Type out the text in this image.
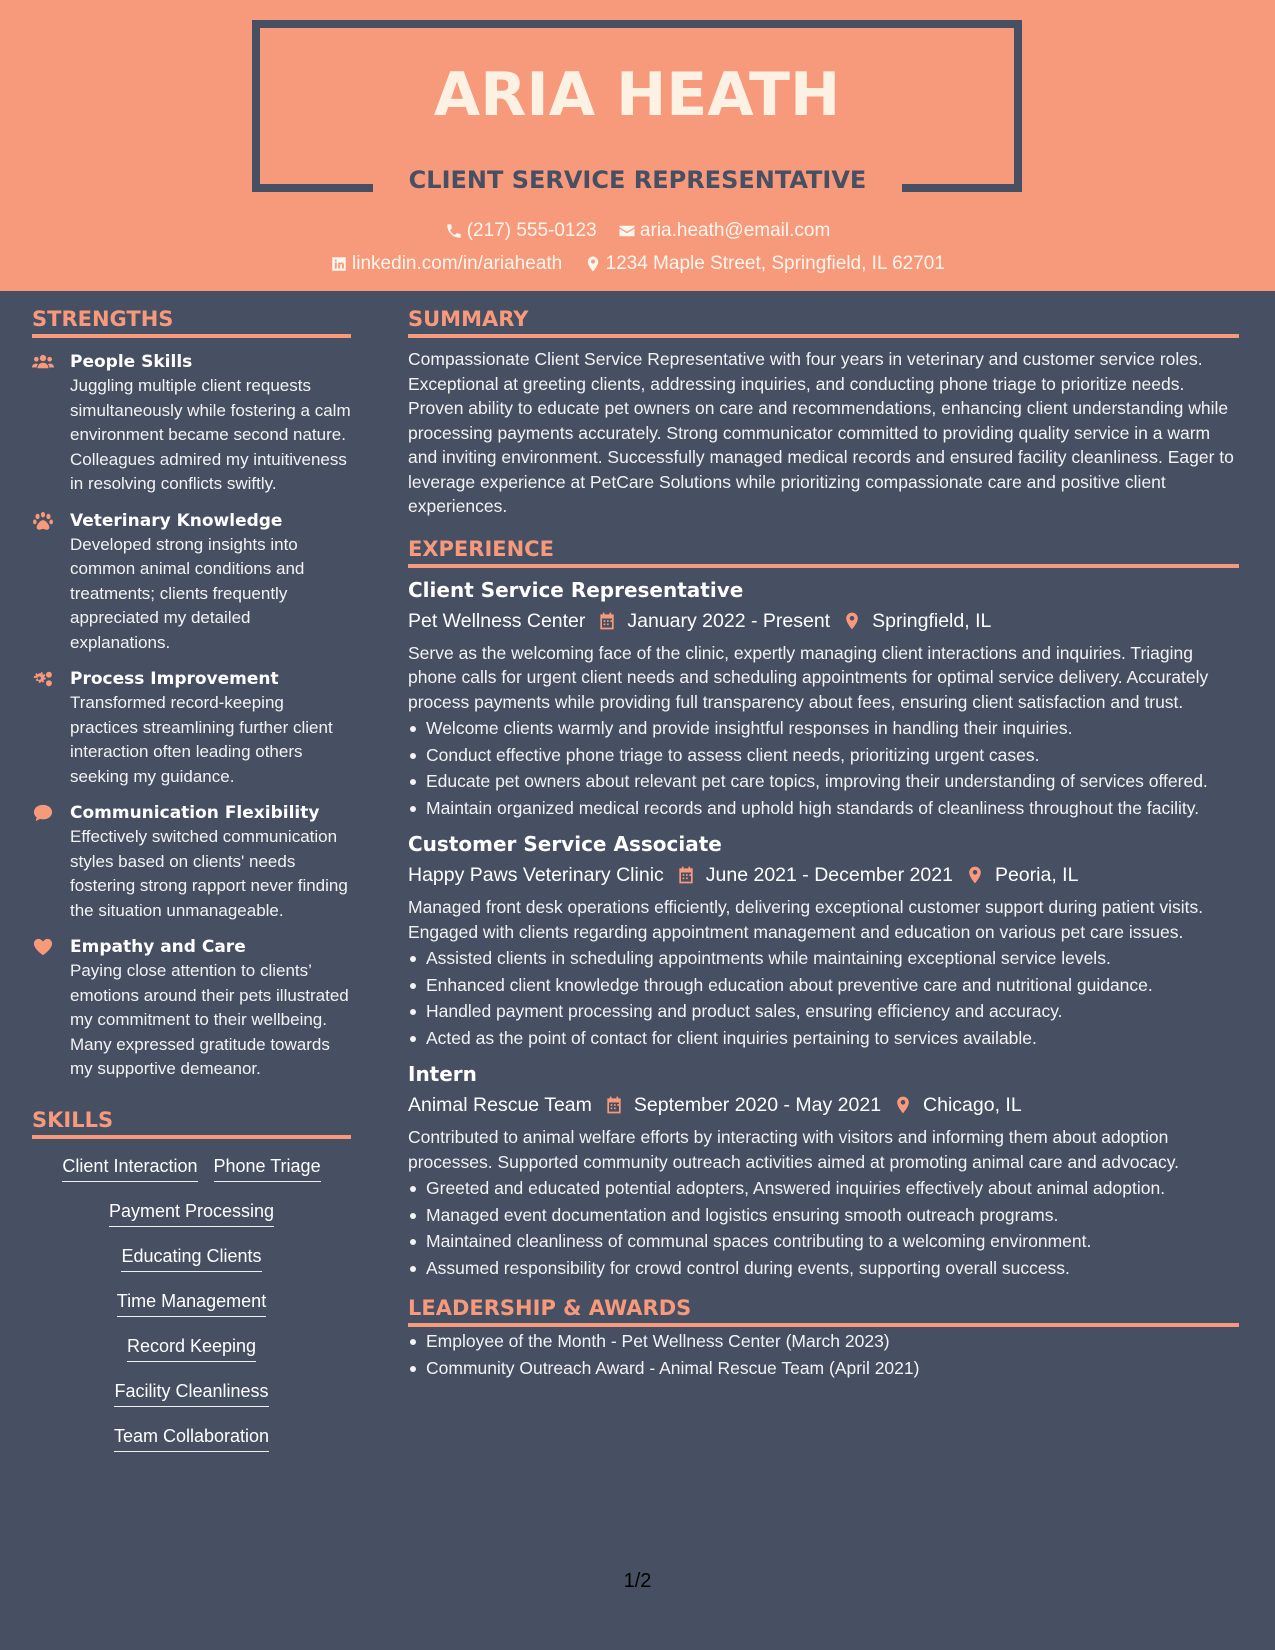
ARIA HEATH
CLIENT SERVICE REPRESENTATIVE
(217) 555-0123
aria.heath@email.com
linkedin.com/in/ariaheath
1234 Maple Street, Springfield, IL 62701
STRENGTHS
People Skills
Juggling multiple client requests simultaneously while fostering a calm environment became second nature. Colleagues admired my intuitiveness in resolving conflicts swiftly.
Veterinary Knowledge
Developed strong insights into common animal conditions and treatments; clients frequently appreciated my detailed explanations.
Process Improvement
Transformed record-keeping practices streamlining further client interaction often leading others seeking my guidance.
Communication Flexibility
Effectively switched communication styles based on clients' needs fostering strong rapport never finding the situation unmanageable.
Empathy and Care
Paying close attention to clients’ emotions around their pets illustrated my commitment to their wellbeing. Many expressed gratitude towards my supportive demeanor.
SKILLS
Client Interaction Phone Triage
Payment Processing
Educating Clients
Time Management
Record Keeping
Facility Cleanliness
Team Collaboration
SUMMARY
Compassionate Client Service Representative with four years in veterinary and customer service roles. Exceptional at greeting clients, addressing inquiries, and conducting phone triage to prioritize needs. Proven ability to educate pet owners on care and recommendations, enhancing client understanding while processing payments accurately. Strong communicator committed to providing quality service in a warm and inviting environment. Successfully managed medical records and ensured facility cleanliness. Eager to leverage experience at PetCare Solutions while prioritizing compassionate care and positive client experiences.
EXPERIENCE
Client Service Representative
Pet Wellness Center January 2022 - Present Springfield, IL
Serve as the welcoming face of the clinic, expertly managing client interactions and inquiries. Triaging phone calls for urgent client needs and scheduling appointments for optimal service delivery. Accurately process payments while providing full transparency about fees, ensuring client satisfaction and trust.
Welcome clients warmly and provide insightful responses in handling their inquiries.
Conduct effective phone triage to assess client needs, prioritizing urgent cases.
Educate pet owners about relevant pet care topics, improving their understanding of services offered.
Maintain organized medical records and uphold high standards of cleanliness throughout the facility.
Customer Service Associate
Happy Paws Veterinary Clinic June 2021 - December 2021 Peoria, IL
Managed front desk operations efficiently, delivering exceptional customer support during patient visits. Engaged with clients regarding appointment management and education on various pet care issues.
Assisted clients in scheduling appointments while maintaining exceptional service levels.
Enhanced client knowledge through education about preventive care and nutritional guidance.
Handled payment processing and product sales, ensuring efficiency and accuracy.
Acted as the point of contact for client inquiries pertaining to services available.
Intern
Animal Rescue Team September 2020 - May 2021 Chicago, IL
Contributed to animal welfare efforts by interacting with visitors and informing them about adoption processes. Supported community outreach activities aimed at promoting animal care and advocacy.
Greeted and educated potential adopters, Answered inquiries effectively about animal adoption.
Managed event documentation and logistics ensuring smooth outreach programs.
Maintained cleanliness of communal spaces contributing to a welcoming environment.
Assumed responsibility for crowd control during events, supporting overall success.
LEADERSHIP & AWARDS
Employee of the Month - Pet Wellness Center (March 2023)
Community Outreach Award - Animal Rescue Team (April 2021)
1/2
